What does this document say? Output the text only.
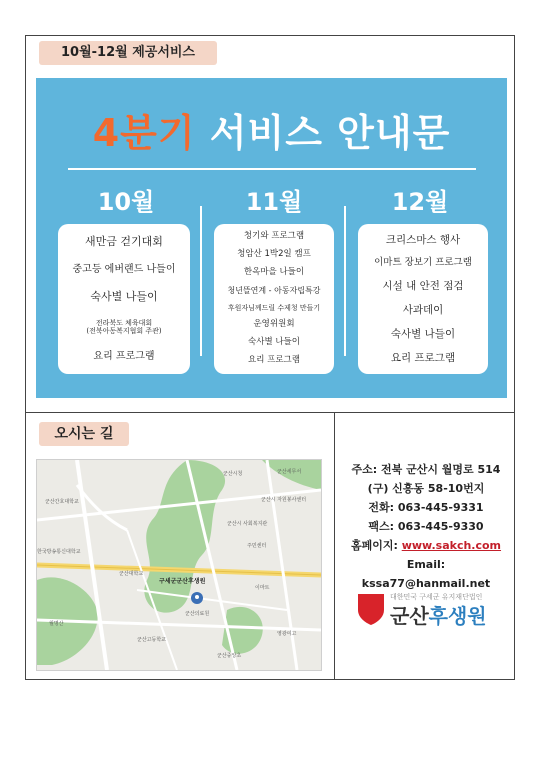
10월-12월 제공서비스
4분기 서비스 안내문
10월	11월	12월
새만금 걷기대회
중고등 에버랜드 나들이
숙사별 나들이
전라북도 체육대회
(전북아동복지협회 주관)
요리 프로그램
청기와 프로그램
청암산 1박2일 캠프
한옥마을 나들이
청년뜰연계 - 아동자립특강
후원자님께드릴 수제청 만들기
운영위원회
숙사별 나들이
요리 프로그램
크리스마스 행사
이마트 장보기 프로그램
시설 내 안전 점검
사과데이
숙사별 나들이
요리 프로그램
오시는 길
구세군군산후생원
군산시청	군산세무서
군산시 자원봉사센터
군산간호대학교
군산시 사회복지관
한국방송통신대학교
주민센터
군산대학교
이마트
군산의료원
월명산
영광여고
군산고등학교
군산중앙초
주소: 전북 군산시 월명로 514
(구) 신흥동 58-10번지
전화: 063-445-9331
팩스: 063-445-9330
홈페이지: www.sakch.com
Email: kssa77@hanmail.net
대한민국 구세군 유지재단법인
군산후생원
